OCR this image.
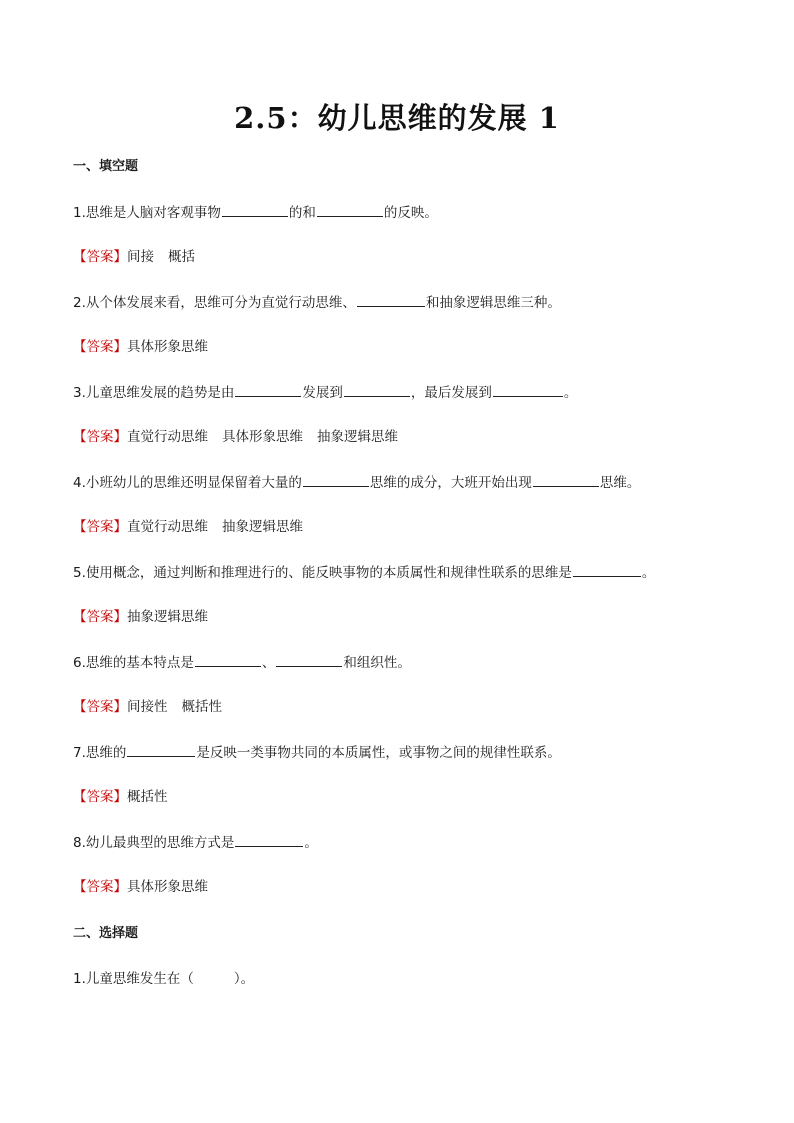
2.5：幼儿思维的发展 1
一、填空题
1.思维是人脑对客观事物	的和	的反映。
【答案】间接 概括
2.从个体发展来看，思维可分为直觉行动思维、	和抽象逻辑思维三种。
【答案】具体形象思维
3.儿童思维发展的趋势是由	发展到	，最后发展到	。
【答案】直觉行动思维 具体形象思维 抽象逻辑思维
4.小班幼儿的思维还明显保留着大量的	思维的成分，大班开始出现	思维。
【答案】直觉行动思维 抽象逻辑思维
5.使用概念，通过判断和推理进行的、能反映事物的本质属性和规律性联系的思维是	。
【答案】抽象逻辑思维
6.思维的基本特点是	、	和组织性。
【答案】间接性 概括性
7.思维的	是反映一类事物共同的本质属性，或事物之间的规律性联系。
【答案】概括性
8.幼儿最典型的思维方式是	。
【答案】具体形象思维
二、选择题
1.儿童思维发生在（	）。
